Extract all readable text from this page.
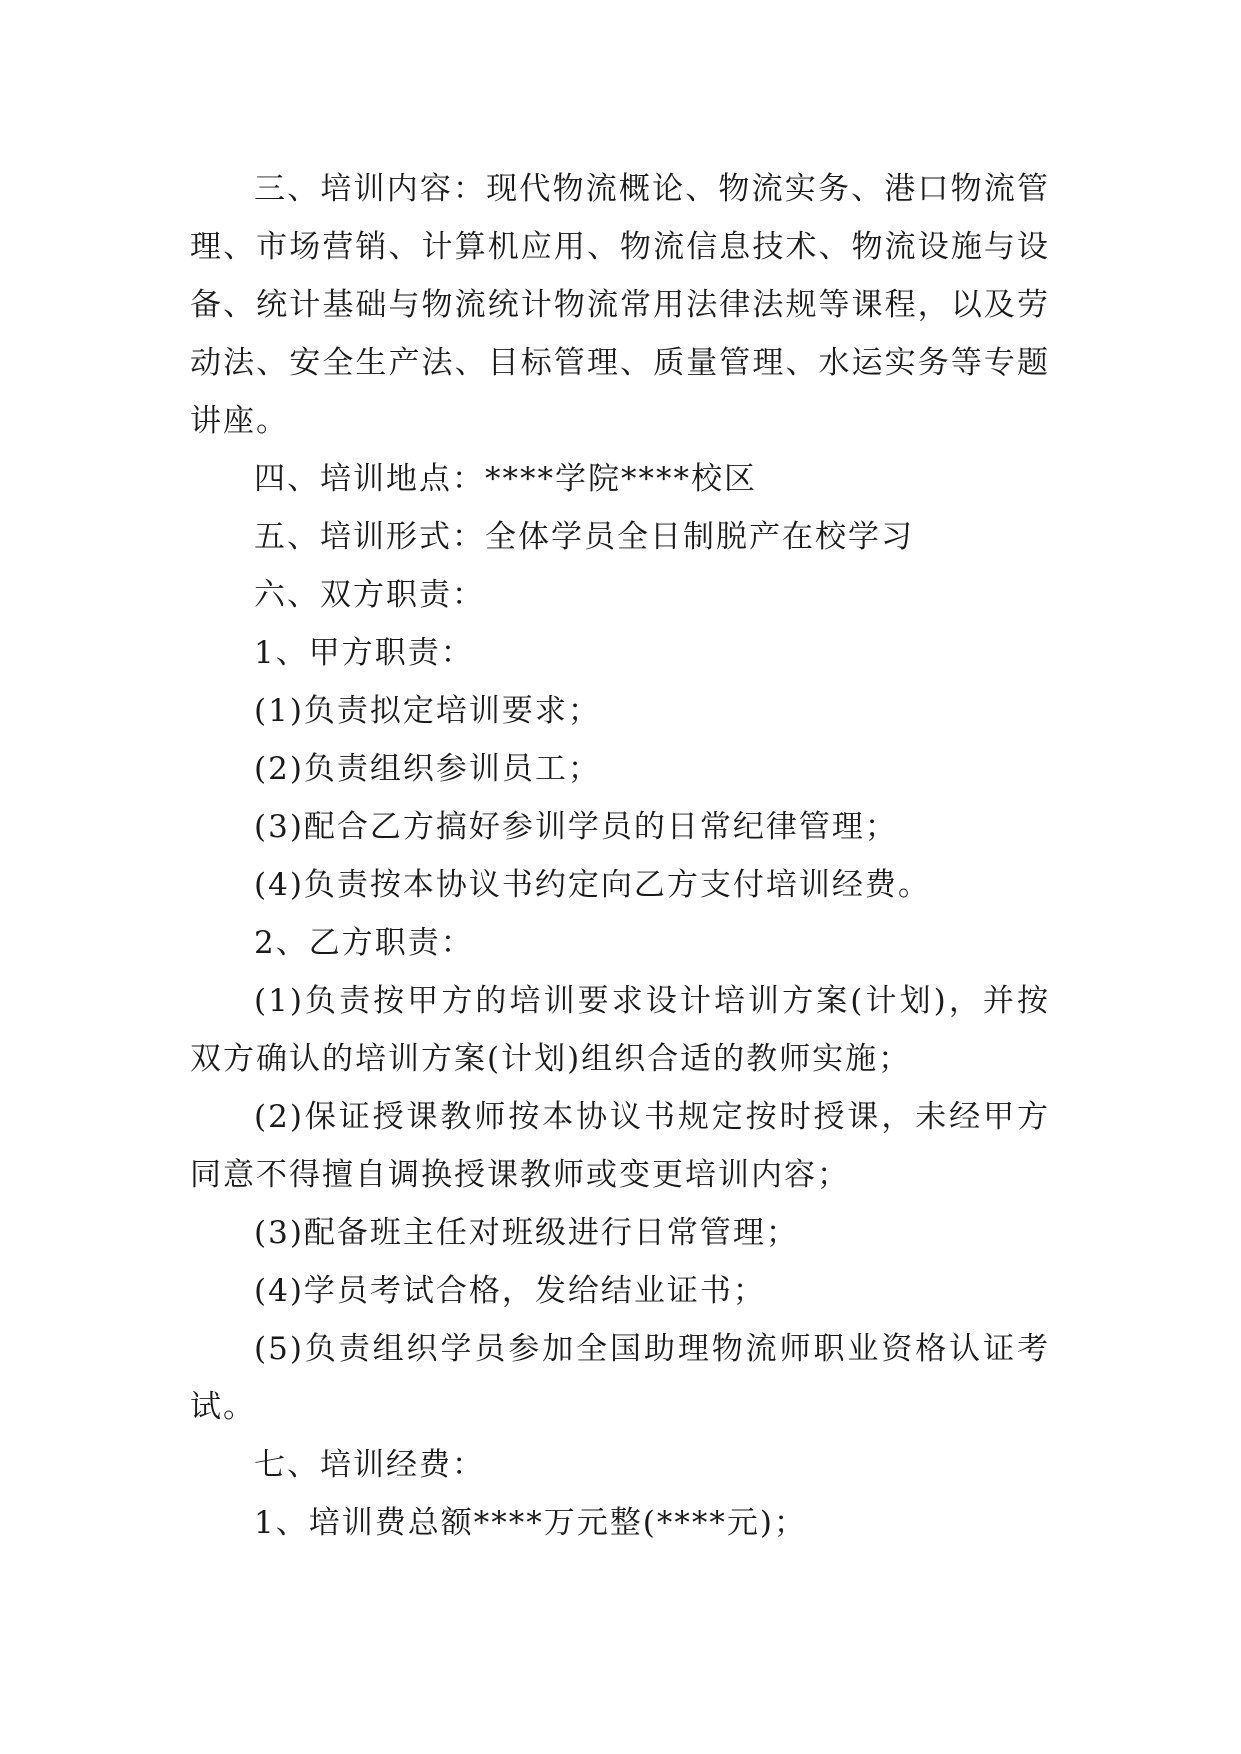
三、培训内容：现代物流概论、物流实务、港口物流管理、市场营销、计算机应用、物流信息技术、物流设施与设备、统计基础与物流统计物流常用法律法规等课程，以及劳动法、安全生产法、目标管理、质量管理、水运实务等专题讲座。

四、培训地点：****学院****校区

五、培训形式：全体学员全日制脱产在校学习

六、双方职责：

1、甲方职责：

(1)负责拟定培训要求；

(2)负责组织参训员工；

(3)配合乙方搞好参训学员的日常纪律管理；

(4)负责按本协议书约定向乙方支付培训经费。

2、乙方职责：

(1)负责按甲方的培训要求设计培训方案(计划)，并按双方确认的培训方案(计划)组织合适的教师实施；

(2)保证授课教师按本协议书规定按时授课，未经甲方同意不得擅自调换授课教师或变更培训内容；

(3)配备班主任对班级进行日常管理；

(4)学员考试合格，发给结业证书；

(5)负责组织学员参加全国助理物流师职业资格认证考试。

七、培训经费：

1、培训费总额****万元整(****元)；
